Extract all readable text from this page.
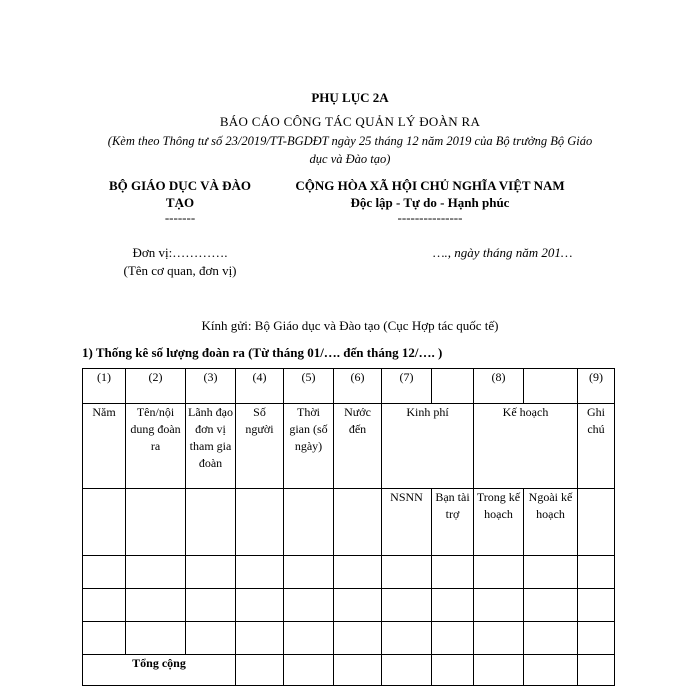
PHỤ LỤC 2A
BÁO CÁO CÔNG TÁC QUẢN LÝ ĐOÀN RA
(Kèm theo Thông tư số 23/2019/TT-BGDĐT ngày 25 tháng 12 năm 2019 của Bộ trưởng Bộ Giáo
dục và Đào tạo)
BỘ GIÁO DỤC VÀ ĐÀO
TẠO
-------
CỘNG HÒA XÃ HỘI CHỦ NGHĨA VIỆT NAM
Độc lập - Tự do - Hạnh phúc
---------------
Đơn vị:………….
(Tên cơ quan, đơn vị)
…., ngày tháng năm 201…
Kính gửi: Bộ Giáo dục và Đào tạo (Cục Hợp tác quốc tế)
1) Thống kê số lượng đoàn ra (Từ tháng 01/…. đến tháng 12/…. )
(1)	(2)	(3)	(4)	(5)	(6)	(7)		(8)		(9)

Năm	Tên/nội dung đoàn ra	Lãnh đạo đơn vị tham gia đoàn	Số người	Thời gian (số ngày)	Nước đến	Kinh phí		Kế hoạch		Ghi chú

						NSNN	Bạn tài trợ	Trong kế hoạch	Ngoài kế hoạch	

Tổng cộng										
